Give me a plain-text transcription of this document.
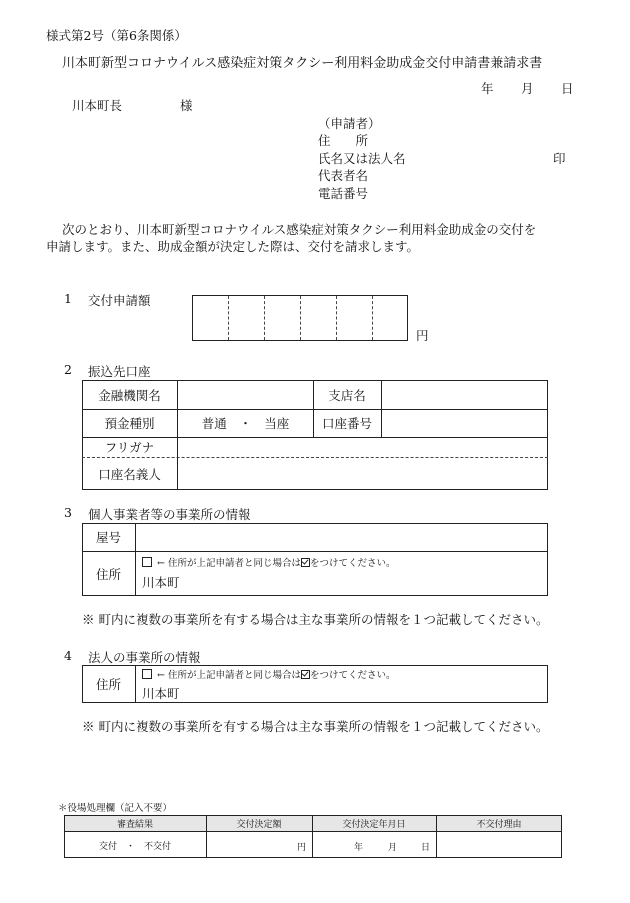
様式第2号（第6条関係）
川本町新型コロナウイルス感染症対策タクシー利用料金助成金交付申請書兼請求書
年 月 日
川本町長	様
（申請者）
住　　所
氏名又は法人名	印
代表者名
電話番号
次のとおり、川本町新型コロナウイルス感染症対策タクシー利用料金助成金の交付を
申請します。また、助成金額が決定した際は、交付を請求します。
1 交付申請額
円
2 振込先口座
金融機関名	支店名
預金種別	普通　・　当座	口座番号
フリガナ
口座名義人
3 個人事業者等の事業所の情報
屋号
住所
← 住所が上記申請者と同じ場合は をつけてください。
川本町
※ 町内に複数の事業所を有する場合は主な事業所の情報を１つ記載してください。
4 法人の事業所の情報
住所
← 住所が上記申請者と同じ場合は をつけてください。
川本町
※ 町内に複数の事業所を有する場合は主な事業所の情報を１つ記載してください。
＊役場処理欄（記入不要）
審査結果	交付決定額	交付決定年月日	不交付理由
交付　・　不交付	円	年	月	日
